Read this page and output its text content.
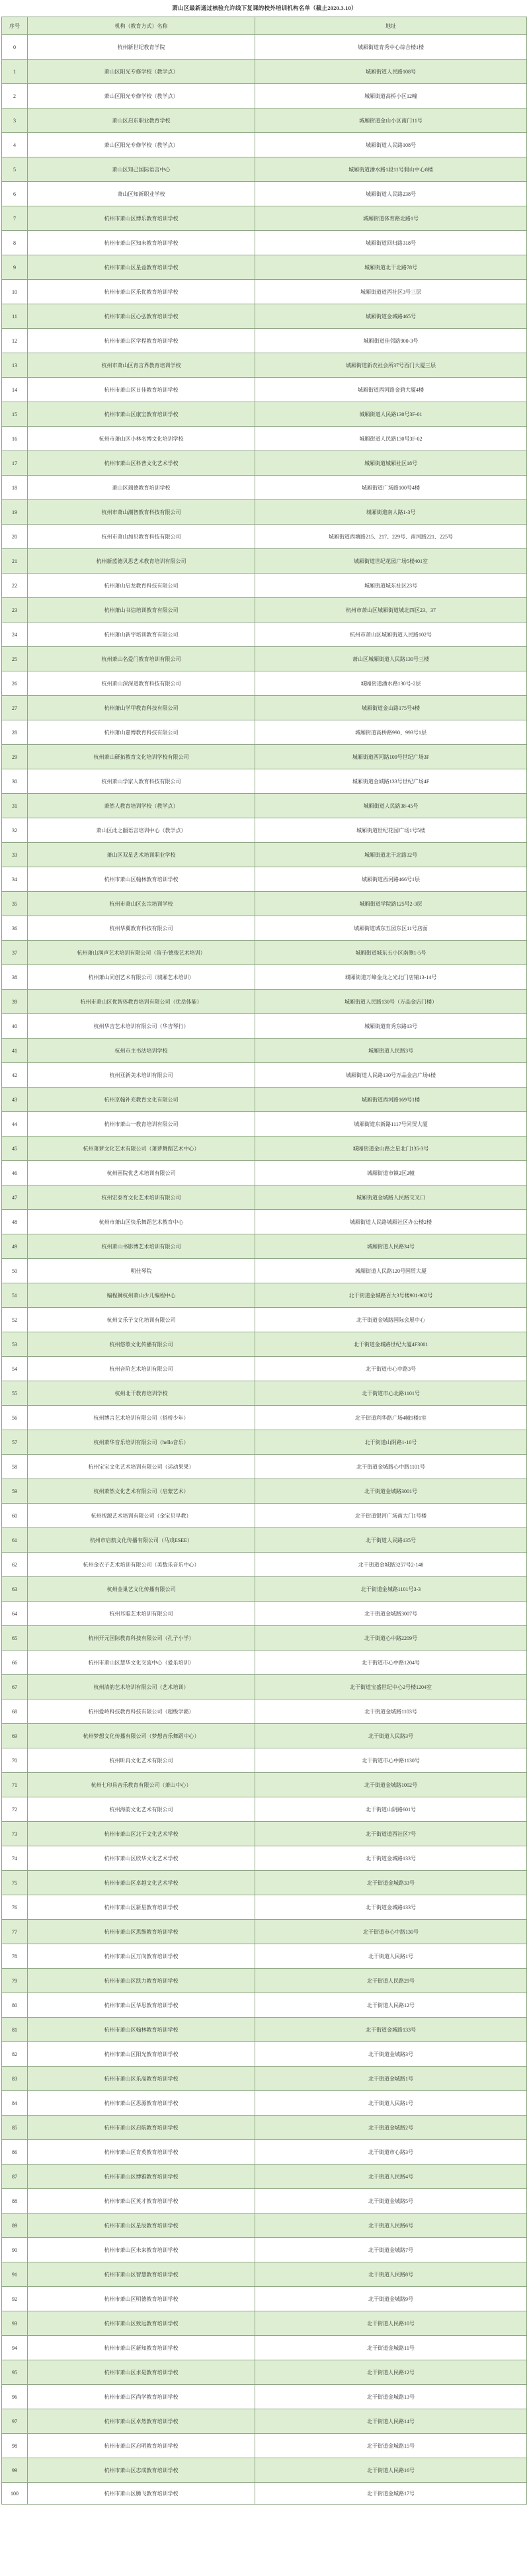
萧山区最新通过核验允许线下复课的校外培训机构名单（截止2020.3.10）
序号	机构（教育方式）名称	地址
0	杭州新世纪教育学院	城厢街道育秀中心综合楼1楼
1	萧山区阳光专修学校（教学点）	城厢街道人民路108号
2	萧山区阳光专修学校（教学点）	城厢街道高桥小区12幢
3	萧山区启东职业教育学校	城厢街道金山小区南门11号
4	萧山区阳光专修学校（教学点）	城厢街道人民路108号
5	萧山区知己国际语言中心	城厢街道潘水路1段11号假山中心8楼
6	萧山区知新职业学校	城厢街道人民路238号
7	杭州市萧山区博乐教育培训学校	城厢街道体育路北路1号
8	杭州市萧山区知未教育培训学校	城厢街道回归路318号
9	杭州市萧山区星益教育培训学校	城厢街道北干北路78号
10	杭州市萧山区乐优教育培训学校	城厢街道道西社区3号三层
11	杭州市萧山区心弘教育培训学校	城厢街道金城路465号
12	杭州市萧山区学程教育培训学校	城厢街道佳邻路900-3号
13	杭州市萧山区育言界教育培训学校	城厢街道新农社会所37号西门大厦三层
14	杭州市萧山区日佳教育培训学校	城厢街道西河路金碧大厦4楼
15	杭州市萧山区康宝教育培训学校	城厢街道人民路130号3F-01
16	杭州市萧山区小林名博文化培训学校	城厢街道人民路130号3F-02
17	杭州市萧山区科普文化艺术学校	城厢街道城厢社区18号
18	萧山区瑞德教育培训学校	城厢街道广场路100号4楼
19	杭州市萧山潮智教育科技有限公司	城厢街道南人路1-3号
20	杭州市萧山加贝教育科技有限公司	城厢街道西塘路215、217、229号、南河路221、225号
21	杭州新蓝德贝思艺术教育培训有限公司	城厢街道世纪花园广场5楼401室
22	杭州萧山启龙教育科技有限公司	城厢街道城东社区23号
23	杭州萧山书信培训教育有限公司	杭州市萧山区城厢街道城北四区23、37
24	杭州萧山新宇培训教育有限公司	杭州市萧山区城厢街道人民路102号
25	杭州萧山名爱门教育培训有限公司	萧山区城厢街道人民路130号三楼
26	杭州萧山深深道教育科技有限公司	城厢街道潘水路130号-2层
27	杭州萧山学甲教育科技有限公司	城厢街道金山路175号4楼
28	杭州萧山嘉博教育科技有限公司	城厢街道高桥路990、993号1层
29	杭州萧山研拓教育文化培训学校有限公司	城厢街道西河路109号世纪广场3F
30	杭州萧山学家人教育科技有限公司	城厢街道金城路133号世纪广场4F
31	萧然人教育培训学校（教学点）	城厢街道人民路38-45号
32	萧山区此之翻语言培训中心（教学点）	城厢街道世纪花园广场1号5楼
33	萧山区双星艺术培训职业学校	城厢街道北干北路32号
34	杭州市萧山区翰林教育培训学校	城厢街道西河路466号1层
35	杭州市萧山区玄宗培训学校	城厢街道学院路125号2-3层
36	杭州华翼教育科技有限公司	城厢街道城东五园东区11号店面
37	杭州萧山润声艺术培训有限公司（笛子/德俊艺术培训）	城厢街道城东五小区南侧1-5号
38	杭州萧山同创艺术有限公司（城厢艺术培训）	城厢街道万峰金龙之光北门店铺13-14号
39	杭州市萧山区优智体教育培训有限公司（优岳体能）	城厢街道人民路130号（万品金店门楼）
40	杭州华吉艺术培训有限公司（华吉琴行）	城厢街道育秀东路13号
41	杭州市主书法培训学校	城厢街道人民路3号
42	杭州亚新美术培训有限公司	城厢街道人民路130号万品金店广场4楼
43	杭州京翰补充教育文化有限公司	城厢街道西河路169号1楼
44	杭州市萧山一教育培训有限公司	城厢街道东新路1117号同贸大厦
45	杭州萧萝文化艺术有限公司（萧萝舞蹈艺术中心）	城厢街道金山路之星北门135-3号
46	杭州画院优艺术培训有限公司	城厢街道市镇2区2幢
47	杭州宏泰育文化艺术培训有限公司	城厢街道金城路人民路交叉口
48	杭州市萧山区快乐舞蹈艺术教育中心	城厢街道人民路城厢社区办公楼2楼
49	杭州萧山书影博艺术培训有限公司	城厢街道人民路34号
50	明仕琴院	城厢街道人民路120号国贸大厦
51	编程狮杭州萧山少儿编程中心	北干街道金城路百大3号楼901-902号
52	杭州文乐子文化培训有限公司	北干街道金城路国际会展中心
53	杭州悠歌文化传播有限公司	北干街道金城路世纪大厦4F3001
54	杭州音阶艺术培训有限公司	北干街道市心中路3号
55	杭州北干教育培训学校	北干街道市心北路1101号
56	杭州博言艺术培训有限公司（搭桥少年）	北干街道利华路广场4幢9楼1室
57	杭州萧华音乐培训有限公司（hello音乐）	北干街道山阴路1-10号
58	杭州宝宝文化艺术培训有限公司（运动果果）	北干街道金城路心中路1101号
59	杭州萧然文化艺术有限公司（启蒙艺术）	北干街道金城路3001号
60	杭州视源艺术培训有限公司（金宝贝早教）	北干街道银河广场南大门1号楼
61	杭州市启航文化传播有限公司（马戏ESEE）	北干街道人民路135号
62	杭州金衣子艺术培训有限公司（美数乐音乐中心）	北干街道金城路3257号2-148
63	杭州金巢艺文化传播有限公司	北干街道金城路1101号3-3
64	杭州耳聪艺术培训有限公司	北干街道金城路3007号
65	杭州开元国际教育科技有限公司（孔子小学）	北干街道心中路2209号
66	杭州市萧山区慧华文化交流中心（爱乐培训）	北干街道市心中路1204号
67	杭州清韵艺术培训有限公司（艺术培训）	北干街道宝盛世纪中心2号楼1204室
68	杭州爱岭科技教育科技有限公司（超级学霸）	北干街道金城路1103号
69	杭州梦想文化传播有限公司（梦想音乐舞蹈中心）	北干街道人民路3号
70	杭州昕冉文化艺术有限公司	北干街道市心中路1130号
71	杭州七印具音乐教育有限公司（萧山中心）	北干街道金城路1002号
72	杭州海韵文化艺术有限公司	北干街道山阴路601号
73	杭州市萧山区北干文化艺术学校	北干街道道西社区7号
74	杭州市萧山区欣华文化艺术学校	北干街道金城路133号
75	杭州市萧山区卓越文化艺术学校	北干街道金城路33号
76	杭州市萧山区新星教育培训学校	北干街道金城路133号
77	杭州市萧山区思维教育培训学校	北干街道市心中路130号
78	杭州市萧山区万向教育培训学校	北干街道人民路1号
79	杭州市萧山区凯力教育培训学校	北干街道人民路29号
80	杭州市萧山区华思教育培训学校	北干街道人民路12号
81	杭州市萧山区翰林教育培训学校	北干街道金城路133号
82	杭州市萧山区阳光教育培训学校	北干街道金城路3号
83	杭州市萧山区乐高教育培训学校	北干街道金城路1号
84	杭州市萧山区思源教育培训学校	北干街道人民路1号
85	杭州市萧山区启航教育培训学校	北干街道金城路2号
86	杭州市萧山区育英教育培训学校	北干街道市心路3号
87	杭州市萧山区博雅教育培训学校	北干街道人民路4号
88	杭州市萧山区英才教育培训学校	北干街道金城路5号
89	杭州市萧山区星辰教育培训学校	北干街道人民路6号
90	杭州市萧山区未来教育培训学校	北干街道金城路7号
91	杭州市萧山区智慧教育培训学校	北干街道人民路8号
92	杭州市萧山区明德教育培训学校	北干街道金城路9号
93	杭州市萧山区致远教育培训学校	北干街道人民路10号
94	杭州市萧山区新知教育培训学校	北干街道金城路11号
95	杭州市萧山区求是教育培训学校	北干街道人民路12号
96	杭州市萧山区尚学教育培训学校	北干街道金城路13号
97	杭州市萧山区卓然教育培训学校	北干街道人民路14号
98	杭州市萧山区启明教育培训学校	北干街道金城路15号
99	杭州市萧山区志成教育培训学校	北干街道人民路16号
100	杭州市萧山区腾飞教育培训学校	北干街道金城路17号
